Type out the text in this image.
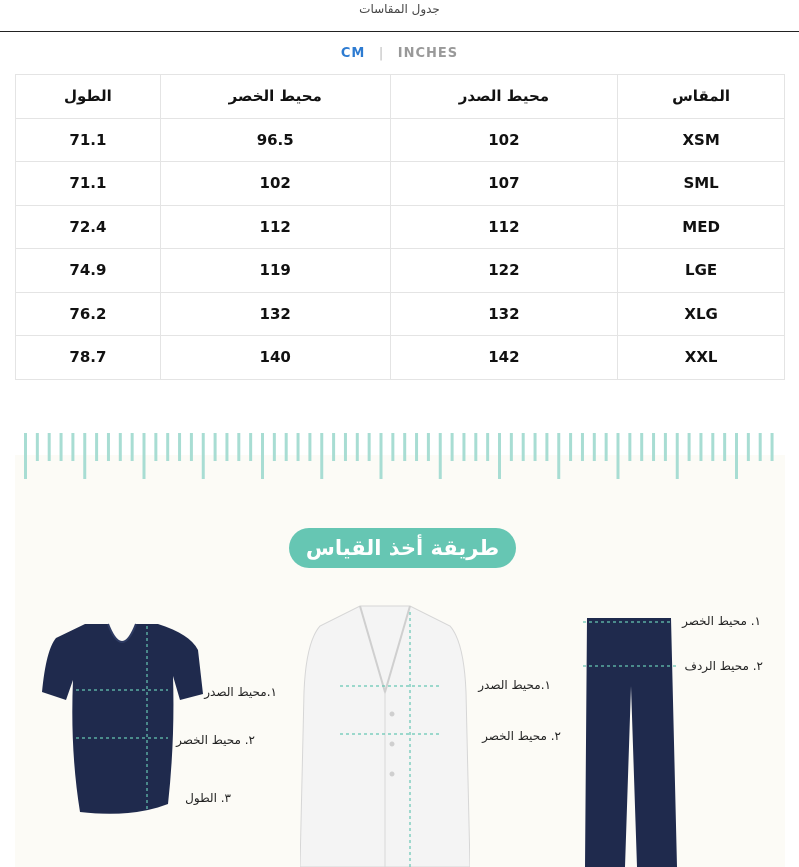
جدول المقاسات
CM | INCHES
المقاس	محيط الصدر	محيط الخصر	الطول
XSM	102	96.5	71.1
SML	107	102	71.1
MED	112	112	72.4
LGE	122	119	74.9
XLG	132	132	76.2
XXL	142	140	78.7
طريقة أخذ القياس
١.محيط الصدر
٢. محيط الخصر
٣. الطول
١.محيط الصدر
٢. محيط الخصر
١. محيط الخصر
٢. محيط الردف
